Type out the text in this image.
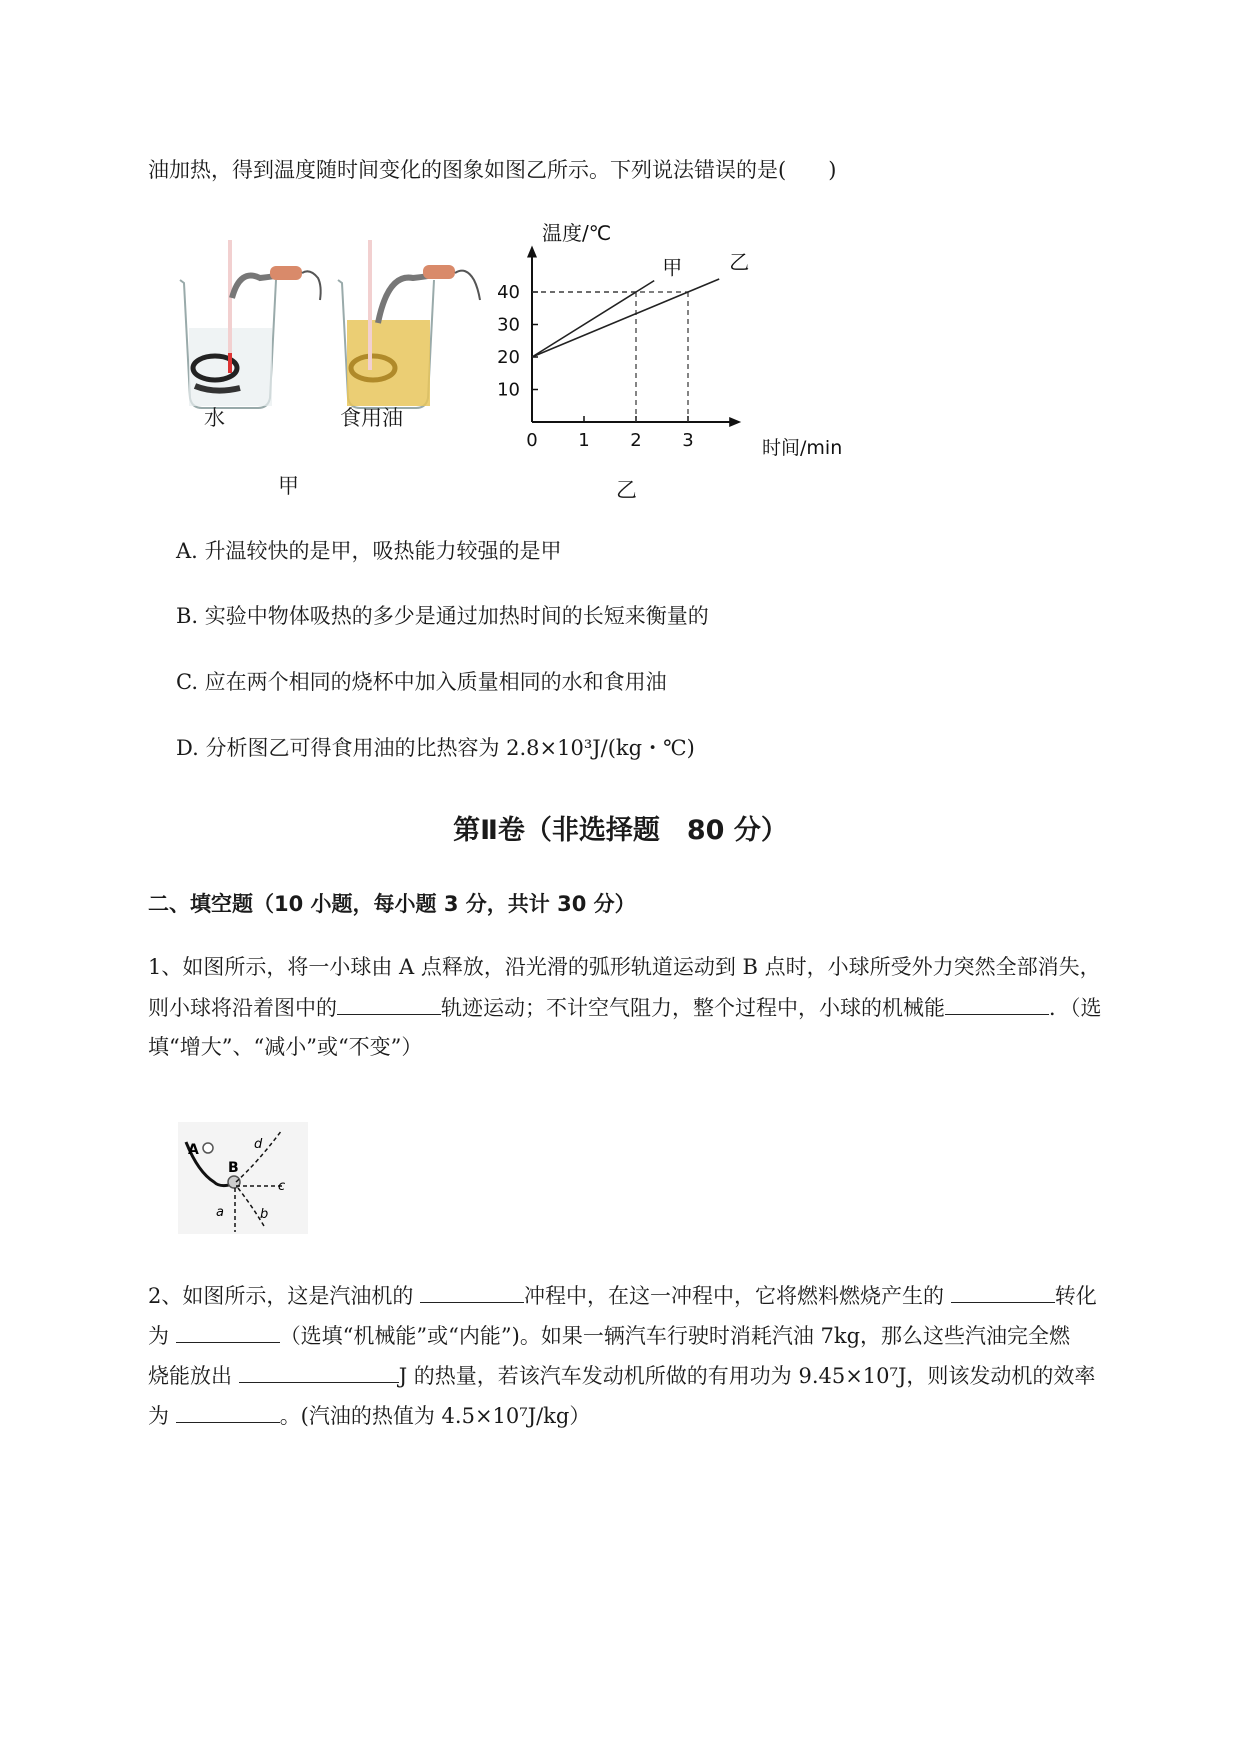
油加热，得到温度随时间变化的图象如图乙所示。下列说法错误的是(　　)
水	食用油
甲
0 1 2 3
10
20
30
40
甲 乙
温度/℃
时间/min
乙
A. 升温较快的是甲，吸热能力较强的是甲
B. 实验中物体吸热的多少是通过加热时间的长短来衡量的
C. 应在两个相同的烧杯中加入质量相同的水和食用油
D. 分析图乙可得食用油的比热容为 2.8×10³J/(kg・℃)
第Ⅱ卷（非选择题　80 分）
二、填空题（10 小题，每小题 3 分，共计 30 分）
1、如图所示，将一小球由 A 点释放，沿光滑的弧形轨道运动到 B 点时，小球所受外力突然全部消失，
则小球将沿着图中的	轨迹运动；不计空气阻力，整个过程中，小球的机械能	．（选
填“增大”、“减小”或“不变”）
A
B
a	b
c
d
2、如图所示，这是汽油机的	冲程中，在这一冲程中，它将燃料燃烧产生的	转化
为	（选填“机械能”或“内能”)。如果一辆汽车行驶时消耗汽油 7kg，那么这些汽油完全燃
烧能放出	J 的热量，若该汽车发动机所做的有用功为 9.45×10⁷J，则该发动机的效率
为	。(汽油的热值为 4.5×10⁷J/kg）
